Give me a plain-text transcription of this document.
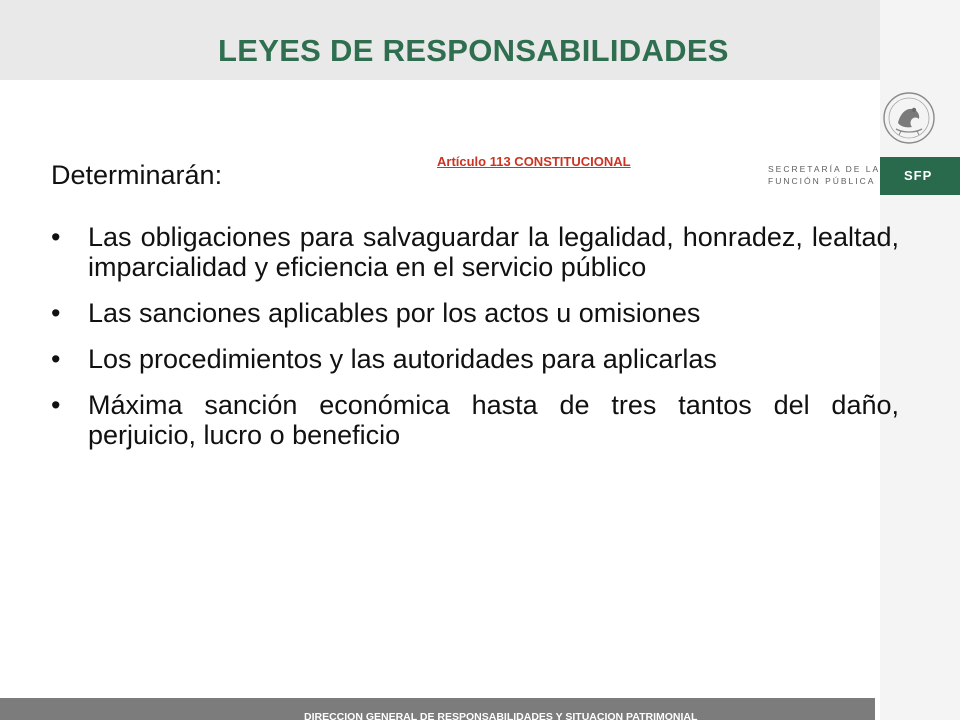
LEYES DE RESPONSABILIDADES
SECRETARÍA DE LA
FUNCIÓN PÚBLICA	SFP
Artículo 113 CONSTITUCIONAL

Determinarán:

•	Las obligaciones para salvaguardar la legalidad, honradez, lealtad, imparcialidad y eficiencia en el servicio público
•	Las sanciones aplicables por los actos u omisiones
•	Los procedimientos y las autoridades para aplicarlas
•	Máxima sanción económica hasta de tres tantos del daño, perjuicio, lucro o beneficio
DIRECCION GENERAL DE RESPONSABILIDADES Y SITUACION PATRIMONIAL
